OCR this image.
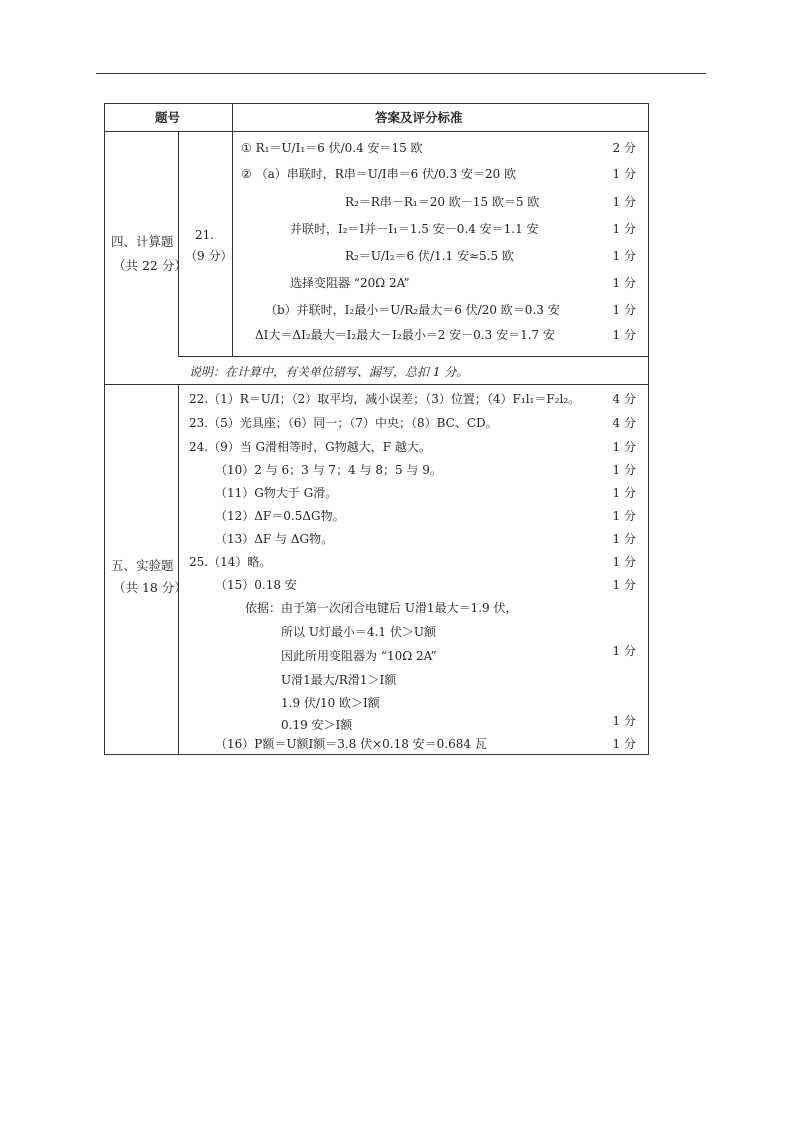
题号	答案及评分标准
四、计算题
（共 22 分）
21.
（9 分）
① R₁＝U/I₁＝6 伏/0.4 安＝15 欧	2 分
② （a）串联时，R串＝U/I串＝6 伏/0.3 安＝20 欧	1 分
R₂＝R串－R₁＝20 欧－15 欧＝5 欧	1 分
并联时，I₂＝I并－I₁＝1.5 安－0.4 安＝1.1 安	1 分
R₂＝U/I₂＝6 伏/1.1 安≈5.5 欧	1 分
选择变阻器 “20Ω 2A”	1 分
（b）并联时，I₂最小＝U/R₂最大＝6 伏/20 欧＝0.3 安	1 分
ΔI大＝ΔI₂最大＝I₂最大－I₂最小＝2 安－0.3 安＝1.7 安	1 分
说明：在计算中，有关单位错写、漏写，总扣 1 分。
五、实验题
（共 18 分）
22.（1）R＝U/I；（2）取平均，减小误差；（3）位置；（4）F₁l₁＝F₂l₂。	4 分
23.（5）光具座；（6）同一；（7）中央；（8）BC、CD。	4 分
24.（9）当 G滑相等时，G物越大，F 越大。	1 分
（10）2 与 6；3 与 7；4 与 8；5 与 9。	1 分
（11）G物大于 G滑。	1 分
（12）ΔF＝0.5ΔG物。	1 分
（13）ΔF 与 ΔG物。	1 分
25.（14）略。	1 分
（15）0.18 安	1 分
依据：由于第一次闭合电键后 U滑1最大＝1.9 伏，
所以 U灯最小＝4.1 伏＞U额
因此所用变阻器为 “10Ω 2A”	1 分
U滑1最大/R滑1＞I额
1.9 伏/10 欧＞I额
0.19 安＞I额	1 分
（16）P额＝U额I额＝3.8 伏×0.18 安＝0.684 瓦	1 分
